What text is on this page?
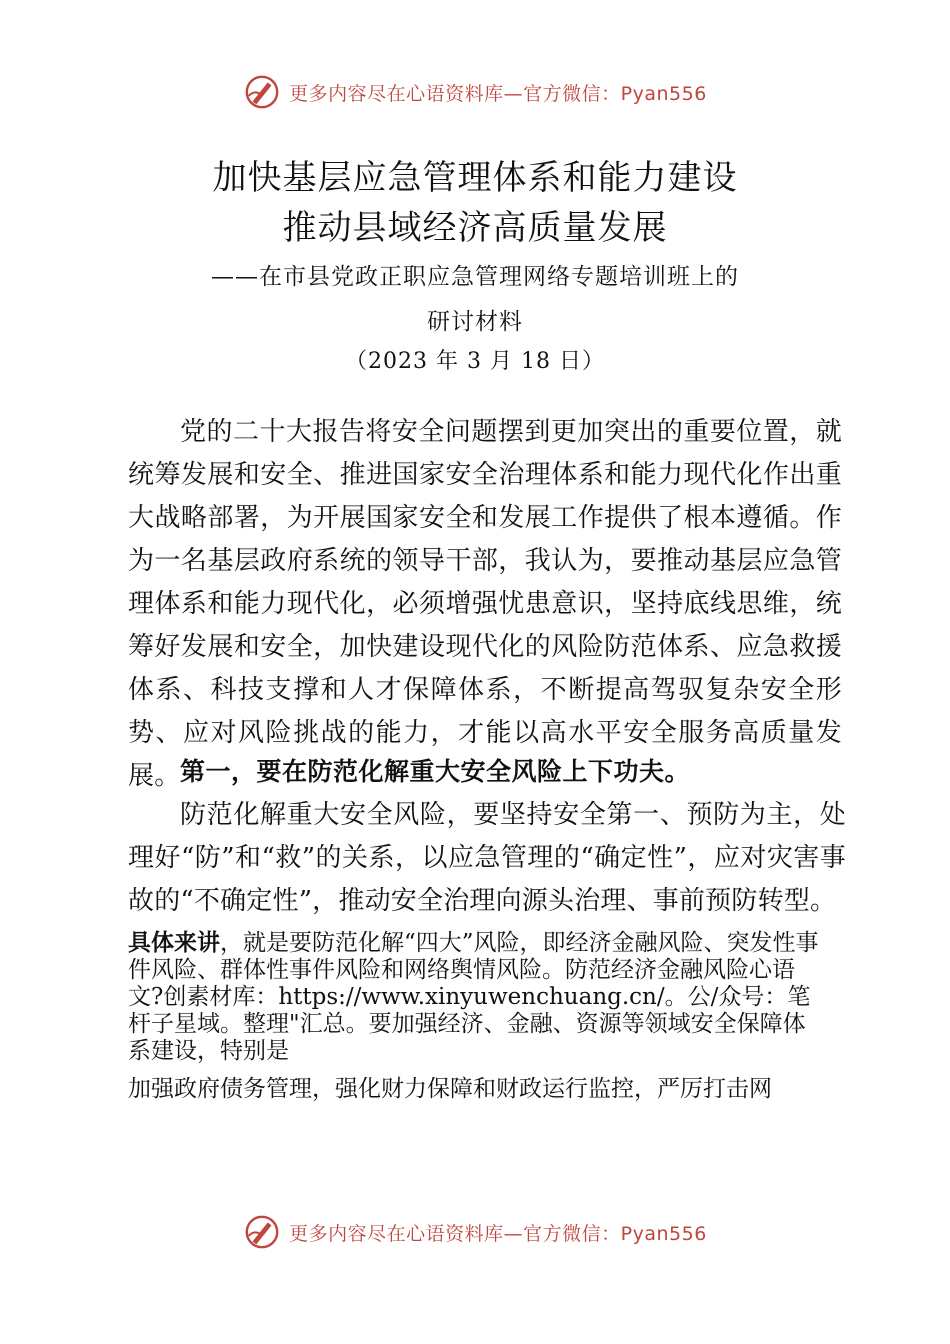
更多内容尽在心语资料库—官方微信：Pyan556
加快基层应急管理体系和能力建设
推动县域经济高质量发展
——在市县党政正职应急管理网络专题培训班上的
研讨材料
（2023 年 3 月 18 日）
党的二十大报告将安全问题摆到更加突出的重要位置，就统筹发展和安全、推进国家安全治理体系和能力现代化作出重大战略部署，为开展国家安全和发展工作提供了根本遵循。作为一名基层政府系统的领导干部，我认为，要推动基层应急管理体系和能力现代化，必须增强忧患意识，坚持底线思维，统筹好发展和安全，加快建设现代化的风险防范体系、应急救援体系、科技支撑和人才保障体系，不断提高驾驭复杂安全形势、应对风险挑战的能力，才能以高水平安全服务高质量发展。 第一，要在防范化解重大安全风险上下功夫。
防范化解重大安全风险，要坚持安全第一、预防为主，处理好“防”和“救”的关系，以应急管理的“确定性”，应对灾害事故的“不确定性”，推动安全治理向源头治理、事前预防转型。
具体来讲，就是要防范化解“四大”风险，即经济金融风险、突发性事件风险、群体性事件风险和网络舆情风险。防范经济金融风险心语文?创素材库：https://www.xinyuwenchuang.cn/。公/众号：笔杆子星域。整理"汇总。要加强经济、金融、资源等领域安全保障体系建设，特别是
加强政府债务管理，强化财力保障和财政运行监控，严厉打击网
更多内容尽在心语资料库—官方微信：Pyan556
